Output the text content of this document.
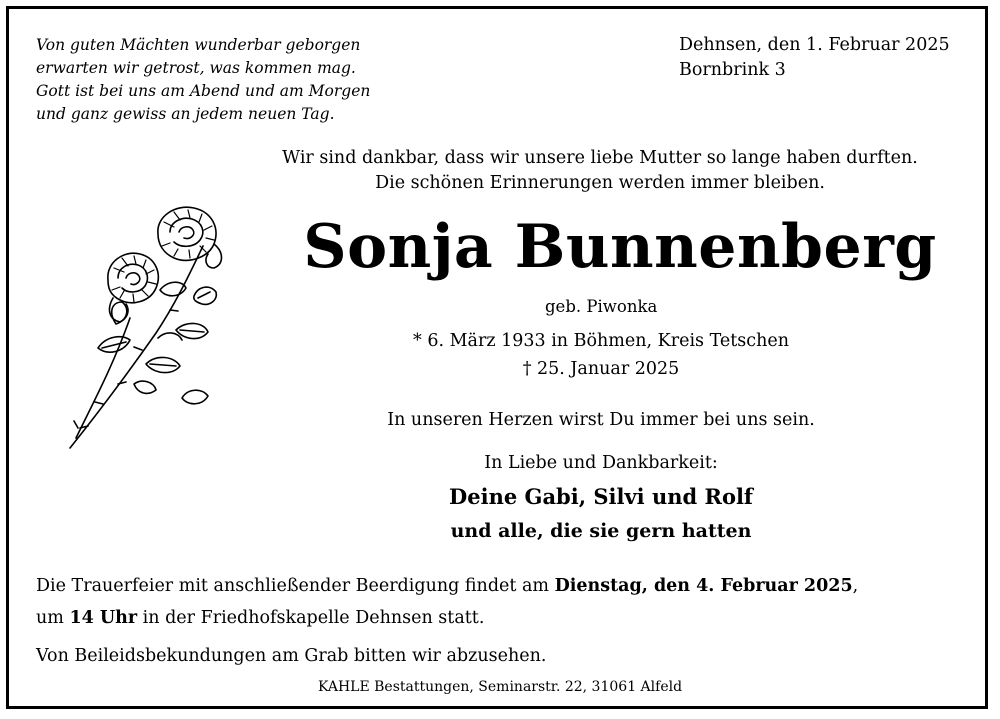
Von guten Mächten wunderbar geborgen
erwarten wir getrost, was kommen mag.
Gott ist bei uns am Abend und am Morgen
und ganz gewiss an jedem neuen Tag.
Dehnsen, den 1. Februar 2025
Bornbrink 3
Wir sind dankbar, dass wir unsere liebe Mutter so lange haben durften.
Die schönen Erinnerungen werden immer bleiben.
Sonja Bunnenberg
geb. Piwonka
* 6. März 1933 in Böhmen, Kreis Tetschen
† 25. Januar 2025
In unseren Herzen wirst Du immer bei uns sein.
In Liebe und Dankbarkeit:
Deine Gabi, Silvi und Rolf
und alle, die sie gern hatten
Die Trauerfeier mit anschließender Beerdigung findet am Dienstag, den 4. Februar 2025,
um 14 Uhr in der Friedhofskapelle Dehnsen statt.
Von Beileidsbekundungen am Grab bitten wir abzusehen.
KAHLE Bestattungen, Seminarstr. 22, 31061 Alfeld
